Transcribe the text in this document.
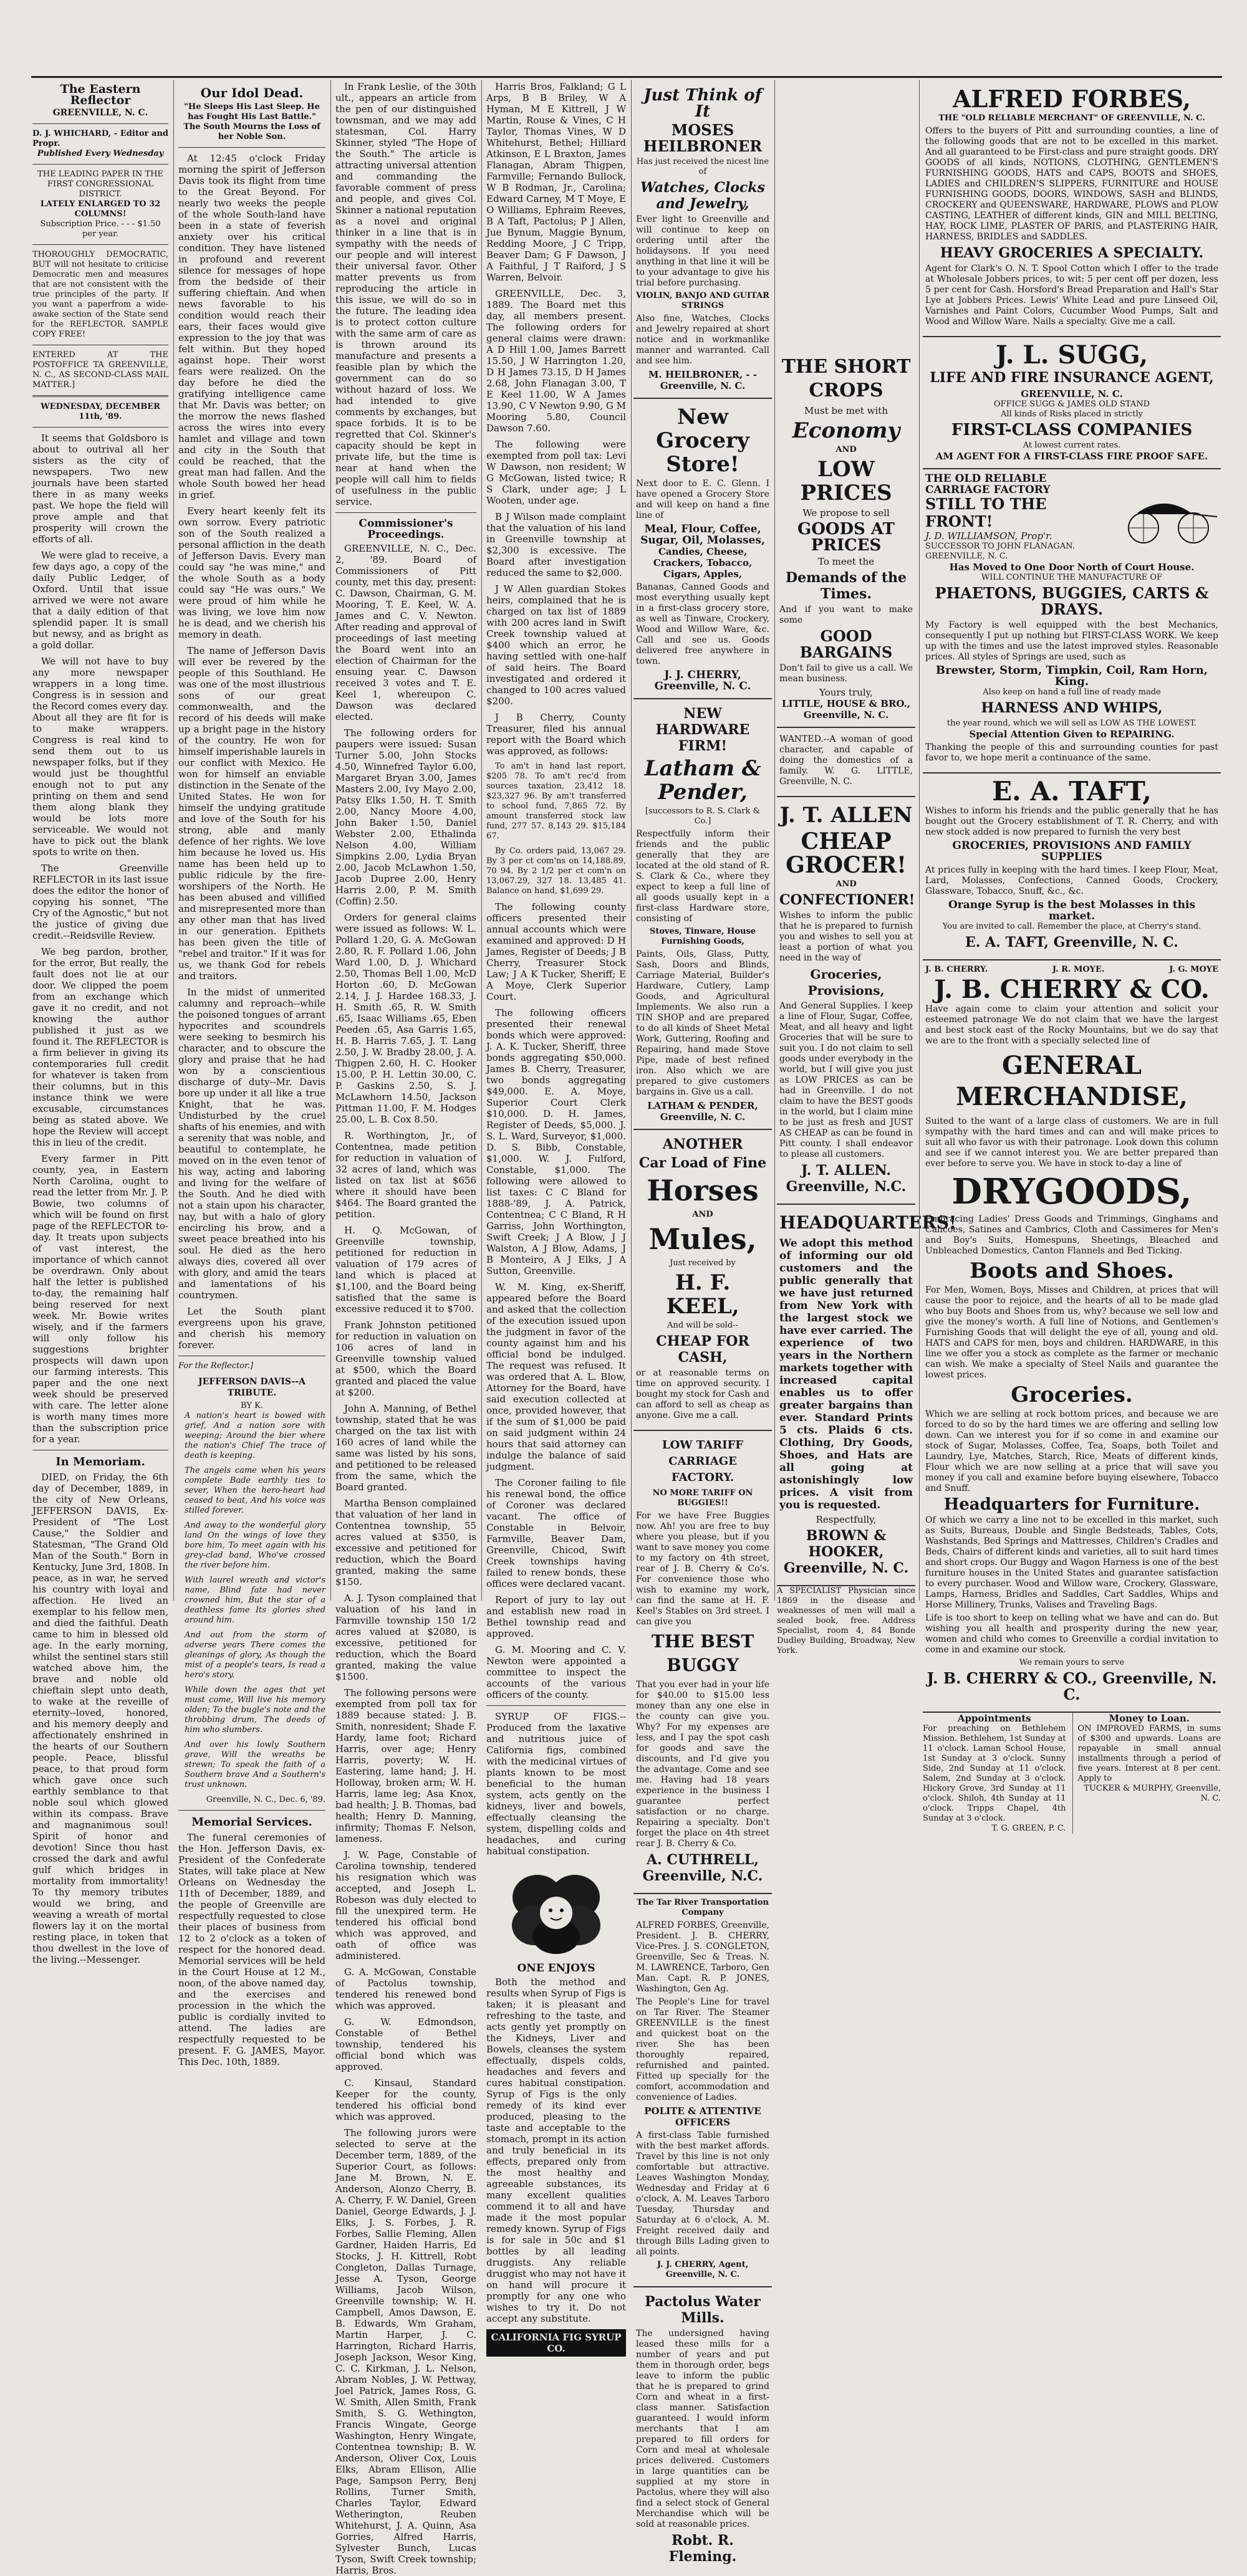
The Eastern Reflector
GREENVILLE, N. C.
D. J. WHICHARD, - Editor and Propr.
Published Every Wednesday
THE LEADING PAPER IN THE FIRST CONGRESSIONAL DISTRICT.
LATELY ENLARGED TO 32 COLUMNS!
Subscription Price. - - - $1.50 per year.
THOROUGHLY DEMOCRATIC, BUT will not hesitate to criticise Democratic men and measures that are not consistent with the true principles of the party. If you want a paperfrom a wide-awake section of the State send for the REFLECTOR. SAMPLE COPY FREE!
ENTERED AT THE POSTOFFICE TA GREENVILLE, N. C., AS SECOND-CLASS MAIL MATTER.]
WEDNESDAY, DECEMBER 11th, '89.

It seems that Goldsboro is about to outrival all her sisters as the city of newspapers. Two new journals have been started there in as many weeks past. We hope the field will prove ample and that prosperity will crown the efforts of all.

We were glad to receive, a few days ago, a copy of the daily Public Ledger, of Oxford. Until that issue arrived we were not aware that a daily edition of that splendid paper. It is small but newsy, and as bright as a gold dollar.

We will not have to buy any more newspaper wrappers in a long time. Congress is in session and the Record comes every day. About all they are fit for is to make wrappers. Congress is real kind to send them out to us newspaper folks, but if they would just be thoughtful enough not to put any printing on them and send them along blank they would be lots more serviceable. We would not have to pick out the blank spots to write on then.

The Greenville REFLECTOR in its last issue does the editor the honor of copying his sonnet, "The Cry of the Agnostic," but not the justice of giving due credit.--Reidsville Review.

We beg pardon, brother, for the error, But really, the fault does not lie at our door. We clipped the poem from an exchange which gave it no credit, and not knowing the author published it just as we found it. The REFLECTOR is a firm believer in giving its contemporaries full credit for whatever is taken from their columns, but in this instance think we were excusable, circumstances being as stated above. We hope the Review will accept this in lieu of the credit.

Every farmer in Pitt county, yea, in Eastern North Carolina, ought to read the letter from Mr. J. P. Bowie, two columns of which will be found on first page of the REFLECTOR to-day. It treats upon subjects of vast interest, the importance of which cannot be overdrawn. Only about half the letter is published to-day, the remaining half being reserved for next week. Mr. Bowie writes wisely, and if the farmers will only follow his suggestions brighter prospects will dawn upon our farming interests. This paper and the one next week should be preserved with care. The letter alone is worth many times more than the subscription price for a year.

In Memoriam.

DIED, on Friday, the 6th day of December, 1889, in the city of New Orleans, JEFFERSON DAVIS, Ex-President of "The Lost Cause," the Soldier and Statesman, "The Grand Old Man of the South." Born in Kentucky, June 3rd, 1808. In peace, as in war, he served his country with loyal and affection. He lived an exemplar to his fellow men, and died the faithful. Death came to him in blessed old age. In the early morning, whilst the sentinel stars still watched above him, the brave and noble old chieftain slept unto death, to wake at the reveille of eternity--loved, honored, and his memory deeply and affectionately enshrined in the hearts of our Southern people. Peace, blissful peace, to that proud form which gave once such earthly semblance to that noble soul which glowed within its compass. Brave and magnanimous soul! Spirit of honor and devotion! Since thou hast crossed the dark and awful gulf which bridges in mortality from immortality! To thy memory tributes would we bring, and weaving a wreath of mortal flowers lay it on the mortal resting place, in token that thou dwellest in the love of the living.--Messenger.

Our Idol Dead.
"He Sleeps His Last Sleep. He has Fought His Last Battle." The South Mourns the Loss of her Noble Son.

At 12:45 o'clock Friday morning the spirit of Jefferson Davis took its flight from time to the Great Beyond. For nearly two weeks the people of the whole South-land have been in a state of feverish anxiety over his critical condition. They have listened in profound and reverent silence for messages of hope from the bedside of their suffering chieftain. And when news favorable to his condition would reach their ears, their faces would give expression to the joy that was felt within. But they hoped against hope. Their worst fears were realized. On the day before he died the gratifying intelligence came that Mr. Davis was better; on the morrow the news flashed across the wires into every hamlet and village and town and city in the South that could be reached, that the great man had fallen. And the whole South bowed her head in grief.

Every heart keenly felt its own sorrow. Every patriotic son of the South realized a personal affliction in the death of Jefferson Davis. Every man could say "he was mine," and the whole South as a body could say "He was ours." We were proud of him while he was living, we love him now he is dead, and we cherish his memory in death.

The name of Jefferson Davis will ever be revered by the people of this Southland. He was one of the most illustrious sons of our great commonwealth, and the record of his deeds will make up a bright page in the history of the country. He won for himself imperishable laurels in our conflict with Mexico. He won for himself an enviable distinction in the Senate of the United States. He won for himself the undying gratitude and love of the South for his strong, able and manly defence of her rights. We love him because he loved us. His name has been held up to public ridicule by the fire-worshipers of the North. He has been abused and villified and misrepresented more than any other man that has lived in our generation. Epithets has been given the title of "rebel and traitor." If it was for us, we thank God for rebels and traitors.

In the midst of unmerited calumny and reproach--while the poisoned tongues of arrant hypocrites and scoundrels were seeking to besmirch his character, and to obscure the glory and praise that he had won by a conscientious discharge of duty--Mr. Davis bore up under it all like a true Knight, that he was. Undisturbed by the cruel shafts of his enemies, and with a serenity that was noble, and beautiful to contemplate, he moved on in the even tenor of his way, acting and laboring and living for the welfare of the South. And he died with not a stain upon his character, nay, but with a halo of glory encircling his brow, and a sweet peace breathed into his soul. He died as the hero always dies, covered all over with glory, and amid the tears and lamentations of his countrymen.

Let the South plant evergreens upon his grave, and cherish his memory forever.

For the Reflector.]
JEFFERSON DAVIS--A TRIBUTE.
BY K.
A nation's heart is bowed with grief, And a nation sore with weeping; Around the bier where the nation's Chief The trace of death is keeping.
The angels came when his years complete Bade earthly ties to sever, When the hero-heart had ceased to beat, And his voice was stilled forever.
And away to the wonderful glory land On the wings of love they bore him, To meet again with his grey-clad band, Who've crossed the river before him.
With laurel wreath and victor's name, Blind fate had never crowned him, But the star of a deathless fame Its glories shed around him.
And out from the storm of adverse years There comes the gleanings of glory, As though the mist of a people's tears, Is read a hero's story.
While down the ages that yet must come, Will live his memory olden; To the bugle's note and the throbbing drum, The deeds of him who slumbers.
And over his lowly Southern grave, Will the wreaths be strewn; To speak the faith of a Southern brave And a Southern's trust unknown.
Greenville, N. C., Dec. 6, '89.
Memorial Services.

The funeral ceremonies of the Hon. Jefferson Davis, ex-President of the Confederate States, will take place at New Orleans on Wednesday the 11th of December, 1889, and the people of Greenville are respectfully requested to close their places of business from 12 to 2 o'clock as a token of respect for the honored dead. Memorial services will be held in the Court House at 12 M., noon, of the above named day, and the exercises and procession in the which the public is cordially invited to attend. The ladies are respectfully requested to be present. F. G. JAMES, Mayor. This Dec. 10th, 1889.

In Frank Leslie, of the 30th ult., appears an article from the pen of our distinguished townsman, and we may add statesman, Col. Harry Skinner, styled "The Hope of the South." The article is attracting universal attention and commanding the favorable comment of press and people, and gives Col. Skinner a national reputation as a novel and original thinker in a line that is in sympathy with the needs of our people and will interest their universal favor. Other matter prevents us from reproducing the article in this issue, we will do so in the future. The leading idea is to protect cotton culture with the same arm of care as is thrown around its manufacture and presents a feasible plan by which the government can do so without hazard of loss. We had intended to give comments by exchanges, but space forbids. It is to be regretted that Col. Skinner's capacity should be kept in private life, but the time is near at hand when the people will call him to fields of usefulness in the public service.

Commissioner's Proceedings.

GREENVILLE, N. C., Dec. 2, '89. Board of Commissioners of Pitt county, met this day, present: C. Dawson, Chairman, G. M. Mooring, T. E. Keel, W. A. James and C. V. Newton. After reading and approval of proceedings of last meeting the Board went into an election of Chairman for the ensuing year. C. Dawson received 3 votes and T. E. Keel 1, whereupon C. Dawson was declared elected.

The following orders for paupers were issued: Susan Turner 5.00, John Stocks 4.50, Winnefred Taylor 6.00, Margaret Bryan 3.00, James Masters 2.00, Ivy Mayo 2.00, Patsy Elks 1.50, H. T. Smith 2.00, Nancy Moore 4.00, John Baker 1.50, Daniel Webster 2.00, Ethalinda Nelson 4.00, William Simpkins 2.00, Lydia Bryan 2.00, Jacob McLawhon 1.50, Jacob Dupree 2.00, Henry Harris 2.00, P. M. Smith (Coffin) 2.50.

Orders for general claims were issued as follows: W. L. Pollard 1.20, G. A. McGowan 2.80, R. F. Pollard 1.06, John Ward 1.00, D. J. Whichard 2.50, Thomas Bell 1.00, McD Horton .60, D. McGowan 2.14, J. J. Hardee 168.33, J. H. Smith .65, R. W. Smith .65, Isaac Williams .65, Eben Peeden .65, Asa Garris 1.65, H. B. Harris 7.65, J. T. Lang 2.50, J. W. Bradby 28.00, J. A. Thigpen 2.60, H. C. Hooker 15.00, P. H. Lettin 30.00, C. P. Gaskins 2.50, S. J. McLawhorn 14.50, Jackson Pittman 11.00, F. M. Hodges 25.00, L. B. Cox 8.50.

R. Worthington, Jr., of Contentnea, made petition for reduction in valuation of 32 acres of land, which was listed on tax list at $656 where it should have been $464. The Board granted the petition.

H. Q. McGowan, of Greenville township, petitioned for reduction in valuation of 179 acres of land which is placed at $1,100, and the Board being satisfied that the same is excessive reduced it to $700.

Frank Johnston petitioned for reduction in valuation on 106 acres of land in Greenville township valued at $500, which the Board granted and placed the value at $200.

John A. Manning, of Bethel township, stated that he was charged on the tax list with 160 acres of land while the same was listed by his sons, and petitioned to be released from the same, which the Board granted.

Martha Benson complained that valuation of her land in Contentnea township, 55 acres valued at $350, is excessive and petitioned for reduction, which the Board granted, making the same $150.

A. J. Tyson complained that valuation of his land in Farmville township 150 1/2 acres valued at $2080, is excessive, petitioned for reduction, which the Board granted, making the value $1500.

The following persons were exempted from poll tax for 1889 because stated: J. B. Smith, nonresident; Shade F. Hardy, lame foot; Richard Harris, over age; Henry Harris, poverty; W. H. Eastering, lame hand; J. H. Holloway, broken arm; W. H. Harris, lame leg; Asa Knox, bad health; J. B. Thomas, bad health; Henry D. Manning, infirmity; Thomas F. Nelson, lameness.

J. W. Page, Constable of Carolina township, tendered his resignation which was accepted, and Joseph L. Robeson was duly elected to fill the unexpired term. He tendered his official bond which was approved, and oath of office was administered.

G. A. McGowan, Constable of Pactolus township, tendered his renewed bond which was approved.

G. W. Edmondson, Constable of Bethel township, tendered his official bond which was approved.

C. Kinsaul, Standard Keeper for the county, tendered his official bond which was approved.

The following jurors were selected to serve at the December term, 1889, of the Superior Court, as follows: Jane M. Brown, N. E. Anderson, Alonzo Cherry, B. A. Cherry, F. W. Daniel, Green Daniel, George Edwards, J. J. Elks, J. S. Forbes, J. R. Forbes, Sallie Fleming, Allen Gardner, Haiden Harris, Ed Stocks, J. H. Kittrell, Robt Congleton, Dallas Turnage, Jesse A. Tyson, George Williams, Jacob Wilson, Greenville township; W. H. Campbell, Amos Dawson, E. B. Edwards, Wm Graham, Martin Harper, J. C. Harrington, Richard Harris, Joseph Jackson, Wesor King, C. C. Kirkman, J. L. Nelson, Abram Nobles, J. W. Pettway, Joel Patrick, James Ross, G. W. Smith, Allen Smith, Frank Smith, S. G. Wethington, Francis Wingate, George Washington, Henry Wingate, Contentnea township; B. W. Anderson, Oliver Cox, Louis Elks, Abram Ellison, Allie Page, Sampson Perry, Benj Rollins, Turner Smith, Charles Taylor, Edward Wetherington, Reuben Whitehurst, J. A. Quinn, Asa Gorries, Alfred Harris, Sylvester Bunch, Lucas Tyson, Swift Creek township; Harris, Bros.

Harris Bros, Falkland; G L Arps, B B Briley, W A Hyman, M E Kittrell, J W Martin, Rouse & Vines, C H Taylor, Thomas Vines, W D Whitehurst, Bethel; Hilliard Atkinson, E L Braxton, James Flanagan, Abram Thigpen, Farmville; Fernando Bullock, W B Rodman, Jr., Carolina; Edward Carney, M T Moye, E O Williams, Ephraim Reeves, B A Taft, Pactolus; P J Allen, Jue Bynum, Maggie Bynum, Redding Moore, J C Tripp, Beaver Dam; G F Dawson, J A Faithful, J T Raiford, J S Warren, Belvoir.

GREENVILLE, Dec. 3, 1889. The Board met this day, all members present. The following orders for general claims were drawn: A D Hill 1.00, James Barrett 15.50, J W Harrington 1.20, D H James 73.15, D H James 2.68, John Flanagan 3.00, T E Keel 11.00, W A James 13.90, C V Newton 9.90, G M Mooring 5.80, Council Dawson 7.60.

The following were exempted from poll tax: Levi W Dawson, non resident; W G McGowan, listed twice; R S Clark, under age; J L Wooten, under age.

B J Wilson made complaint that the valuation of his land in Greenville township at $2,300 is excessive. The Board after investigation reduced the same to $2,000.

J W Allen guardian Stokes heirs, complained that he is charged on tax list of 1889 with 200 acres land in Swift Creek township valued at $400 which an error, he having settled with one-half of said heirs. The Board investigated and ordered it changed to 100 acres valued $200.

J B Cherry, County Treasurer, filed his annual report with the Board which was approved, as follows:

To am't in hand last report, $205 78. To am't rec'd from sources taxation, 23,412 18. $23,327 96. By am't transferred to school fund, 7,865 72. By amount transferred stock law fund, 277 57. 8,143 29. $15,184 67.

By Co. orders paid, 13,067 29. By 3 per ct com'ns on 14,188.89, 70 94. By 2 1/2 per ct com'n on 13,067.29, 327 18. 13,485 41. Balance on hand, $1,699 29.

The following county officers presented their annual accounts which were examined and approved: D H James, Register of Deeds; J B Cherry, Treasurer Stock Law; J A K Tucker, Sheriff; E A Moye, Clerk Superior Court.

The following officers presented their renewal bonds which were approved: J. A. K. Tucker, Sheriff, three bonds aggregating $50,000. James B. Cherry, Treasurer, two bonds aggregating $49,000. E. A. Moye, Superior Court Clerk $10,000. D. H. James, Register of Deeds, $5,000. J. S. L. Ward, Surveyor, $1,000. D. S. Bibb, Constable, $1,000. W. J. Fulford, Constable, $1,000. The following were allowed to list taxes: C C Bland for 1888-'89, J. A. Patrick, Contentnea; C C Bland, R H Garriss, John Worthington, Swift Creek; J A Blow, J J Walston, A J Blow, Adams, J B Monteiro, A J Elks, J A Sutton, Greenville.

W. M. King, ex-Sheriff, appeared before the Board and asked that the collection of the execution issued upon the judgment in favor of the county against him and his official bond be indulged. The request was refused. It was ordered that A. L. Blow, Attorney for the Board, have said execution collected at once, provided however, that if the sum of $1,000 be paid on said judgment within 24 hours that said attorney can indulge the balance of said judgment.

The Coroner failing to file his renewal bond, the office of Coroner was declared vacant. The office of Constable in Belvoir, Farmville, Beaver Dam, Greenville, Chicod, Swift Creek townships having failed to renew bonds, these offices were declared vacant.

Report of jury to lay out and establish new road in Bethel township read and approved.

G. M. Mooring and C. V. Newton were appointed a committee to inspect the accounts of the various officers of the county.

SYRUP OF FIGS.--Produced from the laxative and nutritious juice of California figs, combined with the medicinal virtues of plants known to be most beneficial to the human system, acts gently on the kidneys, liver and bowels, effectually cleansing the system, dispelling colds and headaches, and curing habitual constipation.

ONE ENJOYS

Both the method and results when Syrup of Figs is taken; it is pleasant and refreshing to the taste, and acts gently yet promptly on the Kidneys, Liver and Bowels, cleanses the system effectually, dispels colds, headaches and fevers and cures habitual constipation. Syrup of Figs is the only remedy of its kind ever produced, pleasing to the taste and acceptable to the stomach, prompt in its action and truly beneficial in its effects, prepared only from the most healthy and agreeable substances, its many excellent qualities commend it to all and have made it the most popular remedy known. Syrup of Figs is for sale in 50c and $1 bottles by all leading druggists. Any reliable druggist who may not have it on hand will procure it promptly for any one who wishes to try it. Do not accept any substitute.

CALIFORNIA FIG SYRUP CO.
Just Think of It
MOSES HEILBRONER
Has just received the nicest line of
Watches, Clocks and Jewelry,
Ever light to Greenville and will continue to keep on ordering until after the holidaysons. If you need anything in that line it will be to your advantage to give his trial before purchasing.
VIOLIN, BANJO AND GUITAR STRINGS
Also fine, Watches, Clocks and Jewelry repaired at short notice and in workmanlike manner and warranted. Call and see him.
M. HEILBRONER, - - Greenville, N. C.
New Grocery Store!
Next door to E. C. Glenn. I have opened a Grocery Store and will keep on hand a fine line of
Meal, Flour, Coffee, Sugar, Oil, Molasses,
Candies, Cheese, Crackers, Tobacco, Cigars, Apples,
Bananas, Canned Goods and most everything usually kept in a first-class grocery store, as well as Tinware, Crockery, Wood and Willow Ware, &c. Call and see us. Goods delivered free anywhere in town.
J. J. CHERRY, Greenville, N. C.
NEW HARDWARE FIRM!
Latham & Pender,
[successors to R. S. Clark & Co.]
Respectfully inform their friends and the public generally that they are located at the old stand of R. S. Clark & Co., where they expect to keep a full line of all goods usually kept in a first-class Hardware store, consisting of
Stoves, Tinware, House Furnishing Goods,
Paints, Oils, Glass, Putty, Sash, Doors and Blinds, Carriage Material, Builder's Hardware, Cutlery, Lamp Goods, and Agricultural Implements. We also run a TIN SHOP and are prepared to do all kinds of Sheet Metal Work, Guttering, Roofing and Repairing, hand made Stove Pipe, made of best refined iron. Also which we are prepared to give customers bargains in. Give us a call.
LATHAM & PENDER, Greenville, N. C.
ANOTHER
Car Load of Fine
Horses
AND
Mules,
Just received by
H. F. KEEL,
And will be sold--
CHEAP FOR CASH,
or at reasonable terms on time on approved security. I bought my stock for Cash and can afford to sell as cheap as anyone. Give me a call.
LOW TARIFF CARRIAGE FACTORY.
NO MORE TARIFF ON BUGGIES!!
For we have Free Buggies now. Ah! you are free to buy where you please, but if you want to save money you come to my factory on 4th street, rear of J. B. Cherry & Co's. For convenience those who wish to examine my work, can find the same at H. F. Keel's Stables on 3rd street. I can give you
THE BEST BUGGY
That you ever had in your life for $40.00 to $15.00 less money than any one else in the county can give you. Why? For my expenses are less, and I pay the spot cash for goods and save the discounts, and I'd give you the advantage. Come and see me. Having had 18 years experience in the business I guarantee perfect satisfaction or no charge. Repairing a specialty. Don't forget the place on 4th street rear J. B. Cherry & Co.
A. CUTHRELL, Greenville, N.C.
The Tar River Transportation Company
ALFRED FORBES, Greenville, President. J. B. CHERRY, Vice-Pres. J. S. CONGLETON, Greenville, Sec & Treas. N. M. LAWRENCE, Tarboro, Gen Man. Capt. R. P. JONES, Washington, Gen Ag.
The People's Line for travel on Tar River. The Steamer GREENVILLE is the finest and quickest boat on the river. She has been thoroughly repaired, refurnished and painted. Fitted up specially for the comfort, accommodation and convenience of Ladies.
POLITE & ATTENTIVE OFFICERS
A first-class Table furnished with the best market affords. Travel by this line is not only comfortable but attractive. Leaves Washington Monday, Wednesday and Friday at 6 o'clock, A. M. Leaves Tarboro Tuesday, Thursday and Saturday at 6 o'clock, A. M. Freight received daily and through Bills Lading given to all points.
J. J. CHERRY, Agent, Greenville, N. C.
Pactolus Water Mills.
The undersigned having leased these mills for a number of years and put them in thorough order, begs leave to inform the public that he is prepared to grind Corn and wheat in a first-class manner. Satisfaction guaranteed. I would inform merchants that I am prepared to fill orders for Corn and meal at wholesale prices delivered. Customers in large quantities can be supplied at my store in Pactolus, where they will also find a select stock of General Merchandise which will be sold at reasonable prices.
Robt. R. Fleming.
THE SHORT CROPS
Must be met with
Economy
AND
LOW PRICES
We propose to sell
GOODS AT PRICES
To meet the
Demands of the Times.
And if you want to make some
GOOD BARGAINS
Don't fail to give us a call. We mean business.
Yours truly,
LITTLE, HOUSE & BRO., Greenville, N. C.
WANTED.--A woman of good character, and capable of doing the domestics of a family. W. G. LITTLE, Greenville, N. C.
J. T. ALLEN
CHEAP GROCER!
AND
CONFECTIONER!
Wishes to inform the public that he is prepared to furnish you and wishes to sell you at least a portion of what you need in the way of
Groceries, Provisions,
And General Supplies. I keep a line of Flour, Sugar, Coffee, Meat, and all heavy and light Groceries that will be sure to suit you. I do not claim to sell goods under everybody in the world, but I will give you just as LOW PRICES as can be had in Greenville. I do not claim to have the BEST goods in the world, but I claim mine to be just as fresh and JUST AS CHEAP as can be found in Pitt county. I shall endeavor to please all customers.
J. T. ALLEN. Greenville, N.C.
HEADQUARTERS!
We adopt this method of informing our old customers and the public generally that we have just returned from New York with the largest stock we have ever carried. The experience of two years in the Northern markets together with increased capital enables us to offer greater bargains than ever. Standard Prints 5 cts. Plaids 6 cts. Clothing, Dry Goods, Shoes, and Hats are all going at astonishingly low prices. A visit from you is requested.
Respectfully,
BROWN & HOOKER, Greenville, N. C.
A SPECIALIST Physician since 1869 in the disease and weaknesses of men will mail a sealed book, free. Address Specialist, room 4, 84 Bonde Dudley Building, Broadway, New York.
ALFRED FORBES,
THE "OLD RELIABLE MERCHANT" OF GREENVILLE, N. C.
Offers to the buyers of Pitt and surrounding counties, a line of the following goods that are not to be excelled in this market. And all guaranteed to be First-class and pure straight goods. DRY GOODS of all kinds, NOTIONS, CLOTHING, GENTLEMEN'S FURNISHING GOODS, HATS and CAPS, BOOTS and SHOES, LADIES and CHILDREN'S SLIPPERS, FURNITURE and HOUSE FURNISHING GOODS, DOORS, WINDOWS, SASH and BLINDS, CROCKERY and QUEENSWARE, HARDWARE, PLOWS and PLOW CASTING, LEATHER of different kinds, GIN and MILL BELTING, HAY, ROCK LIME, PLASTER OF PARIS, and PLASTERING HAIR, HARNESS, BRIDLES and SADDLES.
HEAVY GROCERIES A SPECIALTY.
Agent for Clark's O. N. T. Spool Cotton which I offer to the trade at Wholesale Jobbers prices, to wit: 5 per cent off per dozen, less 5 per cent for Cash. Horsford's Bread Preparation and Hall's Star Lye at Jobbers Prices. Lewis' White Lead and pure Linseed Oil, Varnishes and Paint Colors, Cucumber Wood Pumps, Salt and Wood and Willow Ware. Nails a specialty. Give me a call.
J. L. SUGG,
LIFE AND FIRE INSURANCE AGENT,
GREENVILLE, N. C.
OFFICE SUGG & JAMES OLD STAND
All kinds of Risks placed in strictly
FIRST-CLASS COMPANIES
At lowest current rates.
AM AGENT FOR A FIRST-CLASS FIRE PROOF SAFE.
THE OLD RELIABLE CARRIAGE FACTORY
STILL TO THE FRONT!
J. D. WILLIAMSON, Prop'r.
SUCCESSOR TO JOHN FLANAGAN.
GREENVILLE, N. C.
Has Moved to One Door North of Court House.
WILL CONTINUE THE MANUFACTURE OF
PHAETONS, BUGGIES, CARTS & DRAYS.
My Factory is well equipped with the best Mechanics, consequently I put up nothing but FIRST-CLASS WORK. We keep up with the times and use the latest improved styles. Reasonable prices. All styles of Springs are used, such as
Brewster, Storm, Timpkin, Coil, Ram Horn, King.
Also keep on hand a full line of ready made
HARNESS AND WHIPS,
the year round, which we will sell as LOW AS THE LOWEST.
Special Attention Given to REPAIRING.
Thanking the people of this and surrounding counties for past favor to, we hope merit a continuance of the same.
E. A. TAFT,
Wishes to inform his friends and the public generally that he has bought out the Grocery establishment of T. R. Cherry, and with new stock added is now prepared to furnish the very best
GROCERIES, PROVISIONS AND FAMILY SUPPLIES
At prices fully in keeping with the hard times. I keep Flour, Meat, Lard, Molasses, Confections, Canned Goods, Crockery, Glassware, Tobacco, Snuff, &c., &c.
Orange Syrup is the best Molasses in this market.
You are invited to call. Remember the place, at Cherry's stand.
E. A. TAFT, Greenville, N. C.
J. B. CHERRY.	J. R. MOYE.	J. G. MOYE
J. B. CHERRY & CO.
Have again come to claim your attention and solicit your esteemed patronage We do not claim that we have the largest and best stock east of the Rocky Mountains, but we do say that we are to the front with a specially selected line of
GENERAL MERCHANDISE,
Suited to the want of a large class of customers. We are in full sympathy with the hard times and can and will make prices to suit all who favor us with their patronage. Look down this column and see if we cannot interest you. We are better prepared than ever before to serve you. We have in stock to-day a line of
DRYGOODS,
Embracing Ladies' Dress Goods and Trimmings, Ginghams and Calicoes, Satines and Cambrics, Cloth and Cassimeres for Men's and Boy's Suits, Homespuns, Sheetings, Bleached and Unbleached Domestics, Canton Flannels and Bed Ticking.
Boots and Shoes.
For Men, Women, Boys, Misses and Children, at prices that will cause the poor to rejoice, and the hearts of all to be made glad who buy Boots and Shoes from us, why? because we sell low and give the money's worth. A full line of Notions, and Gentlemen's Furnishing Goods that will delight the eye of all, young and old. HATS and CAPS for men, boys and children. HARDWARE, in this line we offer you a stock as complete as the farmer or mechanic can wish. We make a specialty of Steel Nails and guarantee the lowest prices.
Groceries.
Which we are selling at rock bottom prices, and because we are forced to do so by the hard times we are offering and selling low down. Can we interest you for if so come in and examine our stock of Sugar, Molasses, Coffee, Tea, Soaps, both Toilet and Laundry, Lye, Matches, Starch, Rice, Meats of different kinds, Flour which we are now selling at a price that will save you money if you call and examine before buying elsewhere, Tobacco and Snuff.
Headquarters for Furniture.
Of which we carry a line not to be excelled in this market, such as Suits, Bureaus, Double and Single Bedsteads, Tables, Cots, Washstands, Bed Springs and Mattresses, Children's Cradles and Beds, Chairs of different kinds and varieties, all to suit hard times and short crops. Our Buggy and Wagon Harness is one of the best furniture houses in the United States and guarantee satisfaction to every purchaser. Wood and Willow ware, Crockery, Glassware, Lamps, Harness, Bridles and Saddles, Cart Saddles, Whips and Horse Millinery, Trunks, Valises and Traveling Bags.
Life is too short to keep on telling what we have and can do. But wishing you all health and prosperity during the new year, women and child who comes to Greenville a cordial invitation to come in and examine our stock.
We remain yours to serve
J. B. CHERRY & CO., Greenville, N. C.
Appointments
For preaching on Bethlehem Mission. Bethlehem, 1st Sunday at 11 o'clock. Laman School House, 1st Sunday at 3 o'clock. Sunny Side, 2nd Sunday at 11 o'clock. Salem, 2nd Sunday at 3 o'clock. Hickory Grove, 3rd Sunday at 11 o'clock. Shiloh, 4th Sunday at 11 o'clock. Tripps Chapel, 4th Sunday at 3 o'clock.
T. G. GREEN, P. C.
Money to Loan.
ON IMPROVED FARMS, in sums of $300 and upwards. Loans are repayable in small annual installments through a period of five years. Interest at 8 per cent. Apply to
TUCKER & MURPHY, Greenville, N. C.
